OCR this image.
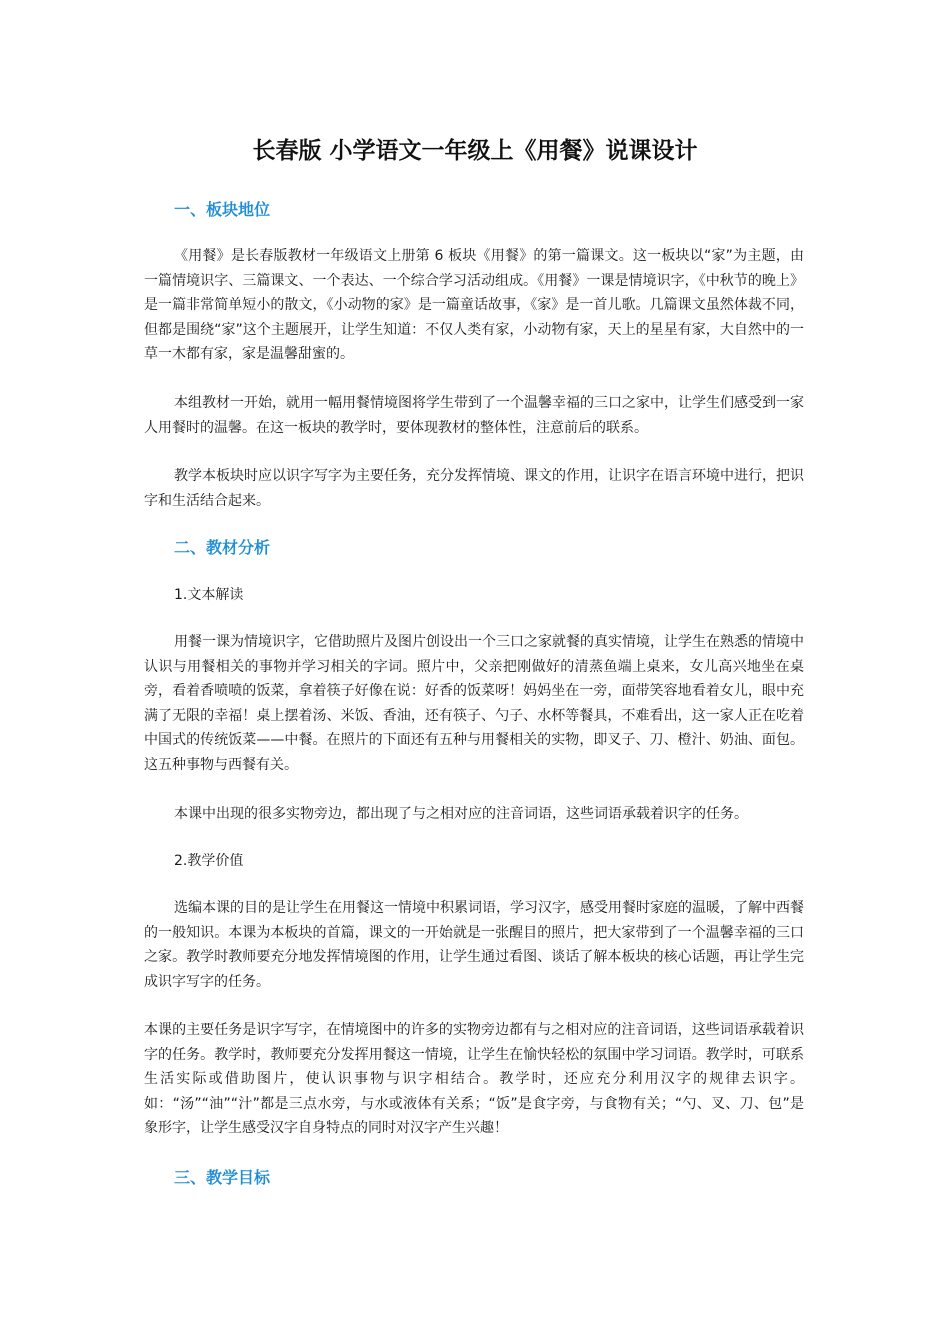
长春版 小学语文一年级上《用餐》说课设计
一、板块地位

《用餐》是长春版教材一年级语文上册第 6 板块《用餐》的第一篇课文。这一板块以“家”为主题，由一篇情境识字、三篇课文、一个表达、一个综合学习活动组成。《用餐》一课是情境识字，《中秋节的晚上》是一篇非常简单短小的散文，《小动物的家》是一篇童话故事，《家》是一首儿歌。几篇课文虽然体裁不同，但都是围绕“家”这个主题展开，让学生知道：不仅人类有家，小动物有家，天上的星星有家，大自然中的一草一木都有家，家是温馨甜蜜的。

本组教材一开始，就用一幅用餐情境图将学生带到了一个温馨幸福的三口之家中，让学生们感受到一家人用餐时的温馨。在这一板块的教学时，要体现教材的整体性，注意前后的联系。

教学本板块时应以识字写字为主要任务，充分发挥情境、课文的作用，让识字在语言环境中进行，把识字和生活结合起来。

二、教材分析

1.文本解读

用餐一课为情境识字，它借助照片及图片创设出一个三口之家就餐的真实情境，让学生在熟悉的情境中认识与用餐相关的事物并学习相关的字词。照片中，父亲把刚做好的清蒸鱼端上桌来，女儿高兴地坐在桌旁，看着香喷喷的饭菜，拿着筷子好像在说：好香的饭菜呀！妈妈坐在一旁，面带笑容地看着女儿，眼中充满了无限的幸福！桌上摆着汤、米饭、香油，还有筷子、勺子、水杯等餐具，不难看出，这一家人正在吃着中国式的传统饭菜——中餐。在照片的下面还有五种与用餐相关的实物，即叉子、刀、橙汁、奶油、面包。这五种事物与西餐有关。

本课中出现的很多实物旁边，都出现了与之相对应的注音词语，这些词语承载着识字的任务。

2.教学价值

选编本课的目的是让学生在用餐这一情境中积累词语，学习汉字，感受用餐时家庭的温暖，了解中西餐的一般知识。本课为本板块的首篇，课文的一开始就是一张醒目的照片，把大家带到了一个温馨幸福的三口之家。教学时教师要充分地发挥情境图的作用，让学生通过看图、谈话了解本板块的核心话题，再让学生完成识字写字的任务。

本课的主要任务是识字写字，在情境图中的许多的实物旁边都有与之相对应的注音词语，这些词语承载着识字的任务。教学时，教师要充分发挥用餐这一情境，让学生在愉快轻松的氛围中学习词语。教学时，可联系生活实际或借助图片，使认识事物与识字相结合。教学时，还应充分利用汉字的规律去识字。如：“汤”“油”“汁”都是三点水旁，与水或液体有关系；“饭”是食字旁，与食物有关；“勺、叉、刀、包”是象形字，让学生感受汉字自身特点的同时对汉字产生兴趣！

三、教学目标
